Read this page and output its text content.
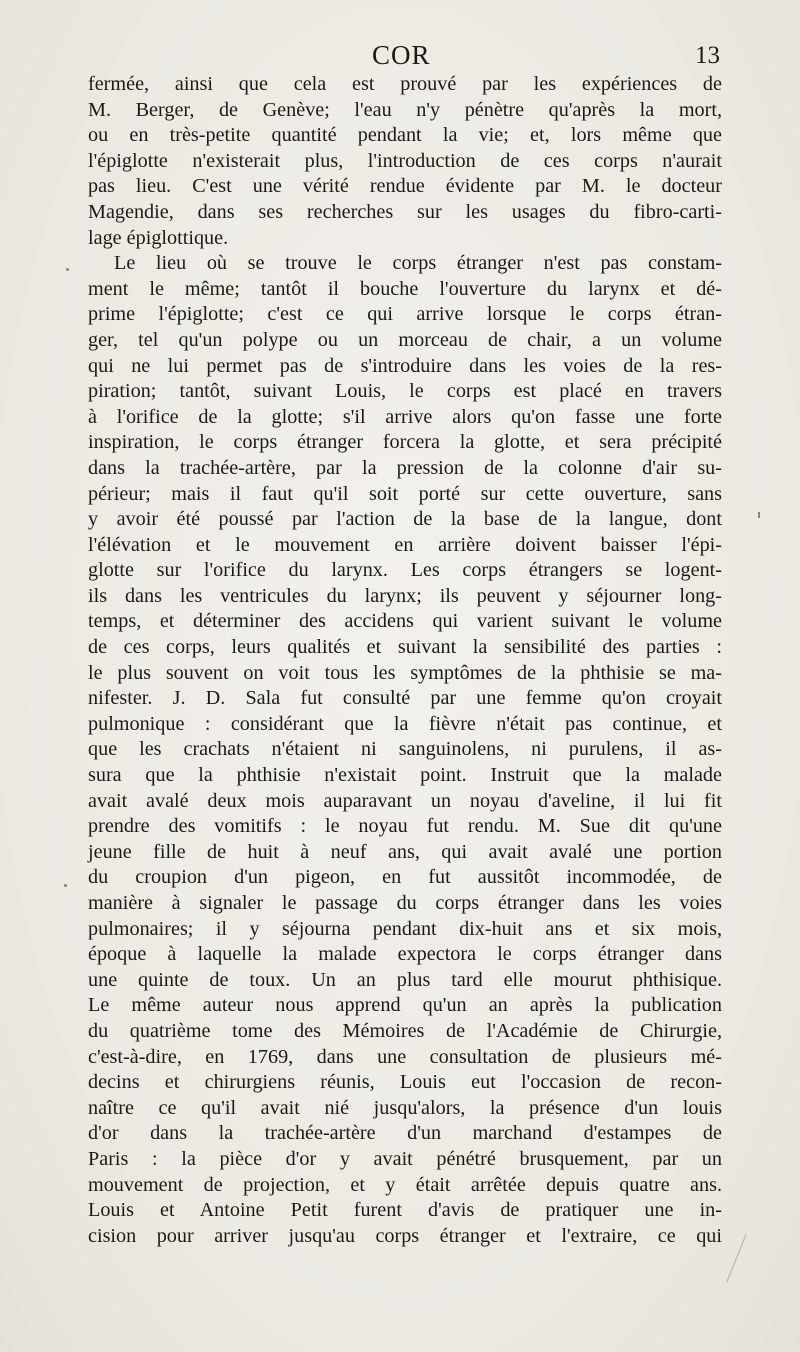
COR	13
fermée, ainsi que cela est prouvé par les expériences de
M. Berger, de Genève; l'eau n'y pénètre qu'après la mort,
ou en très-petite quantité pendant la vie; et, lors même que
l'épiglotte n'existerait plus, l'introduction de ces corps n'aurait
pas lieu. C'est une vérité rendue évidente par M. le docteur
Magendie, dans ses recherches sur les usages du fibro-carti-
lage épiglottique.
Le lieu où se trouve le corps étranger n'est pas constam-
ment le même; tantôt il bouche l'ouverture du larynx et dé-
prime l'épiglotte; c'est ce qui arrive lorsque le corps étran-
ger, tel qu'un polype ou un morceau de chair, a un volume
qui ne lui permet pas de s'introduire dans les voies de la res-
piration; tantôt, suivant Louis, le corps est placé en travers
à l'orifice de la glotte; s'il arrive alors qu'on fasse une forte
inspiration, le corps étranger forcera la glotte, et sera précipité
dans la trachée-artère, par la pression de la colonne d'air su-
périeur; mais il faut qu'il soit porté sur cette ouverture, sans
y avoir été poussé par l'action de la base de la langue, dont
l'élévation et le mouvement en arrière doivent baisser l'épi-
glotte sur l'orifice du larynx. Les corps étrangers se logent-
ils dans les ventricules du larynx; ils peuvent y séjourner long-
temps, et déterminer des accidens qui varient suivant le volume
de ces corps, leurs qualités et suivant la sensibilité des parties :
le plus souvent on voit tous les symptômes de la phthisie se ma-
nifester. J. D. Sala fut consulté par une femme qu'on croyait
pulmonique : considérant que la fièvre n'était pas continue, et
que les crachats n'étaient ni sanguinolens, ni purulens, il as-
sura que la phthisie n'existait point. Instruit que la malade
avait avalé deux mois auparavant un noyau d'aveline, il lui fit
prendre des vomitifs : le noyau fut rendu. M. Sue dit qu'une
jeune fille de huit à neuf ans, qui avait avalé une portion
du croupion d'un pigeon, en fut aussitôt incommodée, de
manière à signaler le passage du corps étranger dans les voies
pulmonaires; il y séjourna pendant dix-huit ans et six mois,
époque à laquelle la malade expectora le corps étranger dans
une quinte de toux. Un an plus tard elle mourut phthisique.
Le même auteur nous apprend qu'un an après la publication
du quatrième tome des Mémoires de l'Académie de Chirurgie,
c'est-à-dire, en 1769, dans une consultation de plusieurs mé-
decins et chirurgiens réunis, Louis eut l'occasion de recon-
naître ce qu'il avait nié jusqu'alors, la présence d'un louis
d'or dans la trachée-artère d'un marchand d'estampes de
Paris : la pièce d'or y avait pénétré brusquement, par un
mouvement de projection, et y était arrêtée depuis quatre ans.
Louis et Antoine Petit furent d'avis de pratiquer une in-
cision pour arriver jusqu'au corps étranger et l'extraire, ce qui
